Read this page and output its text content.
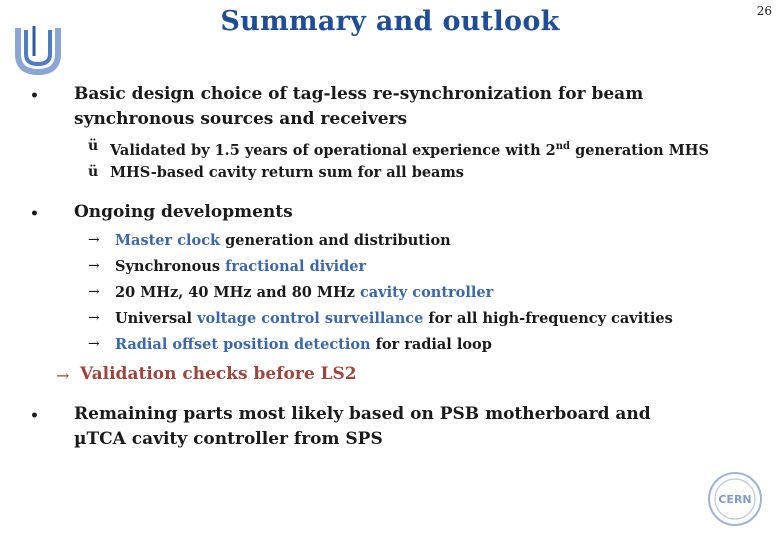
Summary and outlook	26
• Basic design choice of tag-less re-synchronization for beam
synchronous sources and receivers
ü Validated by 1.5 years of operational experience with 2nd generation MHS
ü MHS-based cavity return sum for all beams
• Ongoing developments
→ Master clock generation and distribution
→ Synchronous fractional divider
→ 20 MHz, 40 MHz and 80 MHz cavity controller
→ Universal voltage control surveillance for all high-frequency cavities
→ Radial offset position detection for radial loop
→ Validation checks before LS2
• Remaining parts most likely based on PSB motherboard and
µTCA cavity controller from SPS
CERN
